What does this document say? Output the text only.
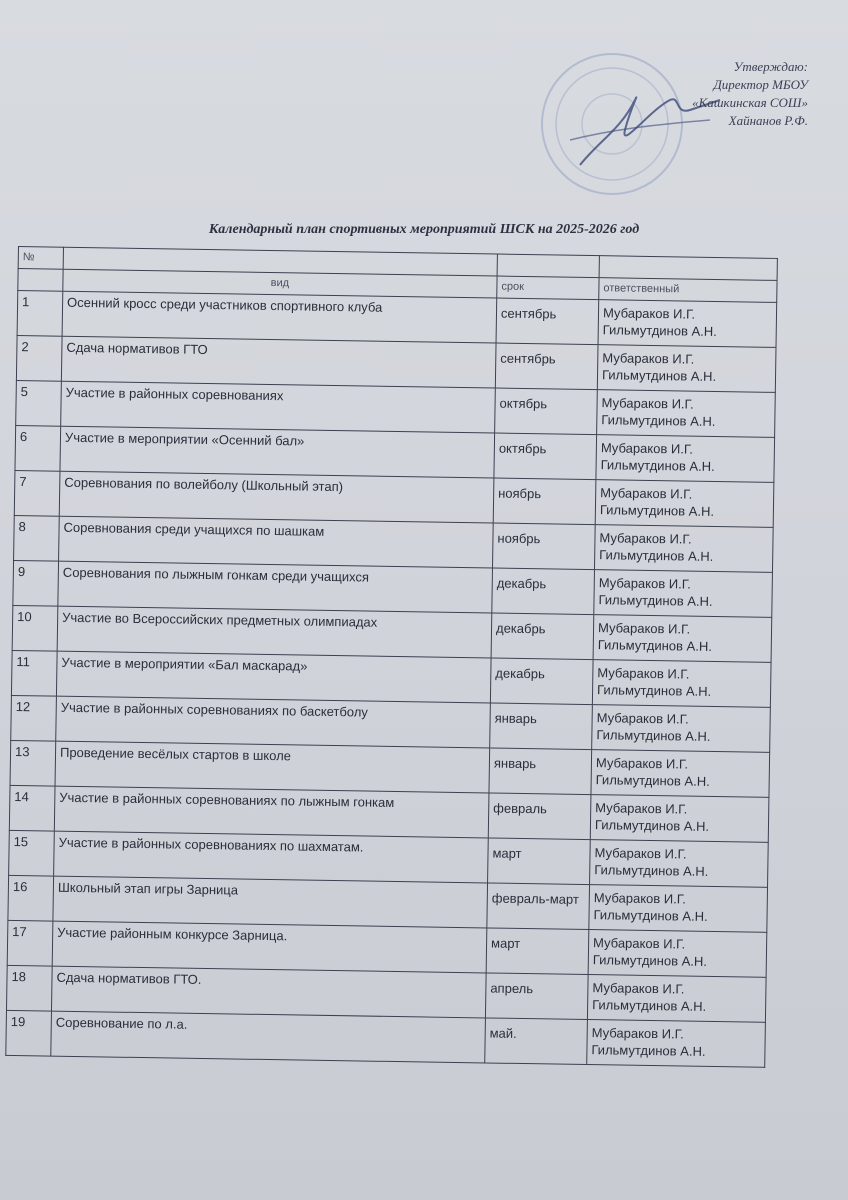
Утверждаю:
Директор МБОУ
«Кашкинская СОШ»
Хайнанов Р.Ф.
Календарный план спортивных мероприятий ШСК на 2025-2026 год
№			
	вид	срок	ответственный
1	Осенний кросс среди участников спортивного клуба	сентябрь	Мубараков И.Г.
Гильмутдинов А.Н.

2	Сдача нормативов ГТО	сентябрь	Мубараков И.Г.
Гильмутдинов А.Н.

5	Участие в районных соревнованиях	октябрь	Мубараков И.Г.
Гильмутдинов А.Н.

6	Участие в мероприятии «Осенний бал»	октябрь	Мубараков И.Г.
Гильмутдинов А.Н.

7	Соревнования по волейболу (Школьный этап)	ноябрь	Мубараков И.Г.
Гильмутдинов А.Н.

8	Соревнования среди учащихся по шашкам	ноябрь	Мубараков И.Г.
Гильмутдинов А.Н.

9	Соревнования по лыжным гонкам среди учащихся	декабрь	Мубараков И.Г.
Гильмутдинов А.Н.

10	Участие во Всероссийских предметных олимпиадах	декабрь	Мубараков И.Г.
Гильмутдинов А.Н.

11	Участие в мероприятии «Бал маскарад»	декабрь	Мубараков И.Г.
Гильмутдинов А.Н.

12	Участие в районных соревнованиях по баскетболу	январь	Мубараков И.Г.
Гильмутдинов А.Н.

13	Проведение весёлых стартов в школе	январь	Мубараков И.Г.
Гильмутдинов А.Н.

14	Участие в районных соревнованиях по лыжным гонкам	февраль	Мубараков И.Г.
Гильмутдинов А.Н.

15	Участие в районных соревнованиях по шахматам.	март	Мубараков И.Г.
Гильмутдинов А.Н.

16	Школьный этап игры Зарница	февраль-март	Мубараков И.Г.
Гильмутдинов А.Н.

17	Участие районным конкурсе Зарница.	март	Мубараков И.Г.
Гильмутдинов А.Н.

18	Сдача нормативов ГТО.	апрель	Мубараков И.Г.
Гильмутдинов А.Н.

19	Соревнование по л.а.	май.	Мубараков И.Г.
Гильмутдинов А.Н.
